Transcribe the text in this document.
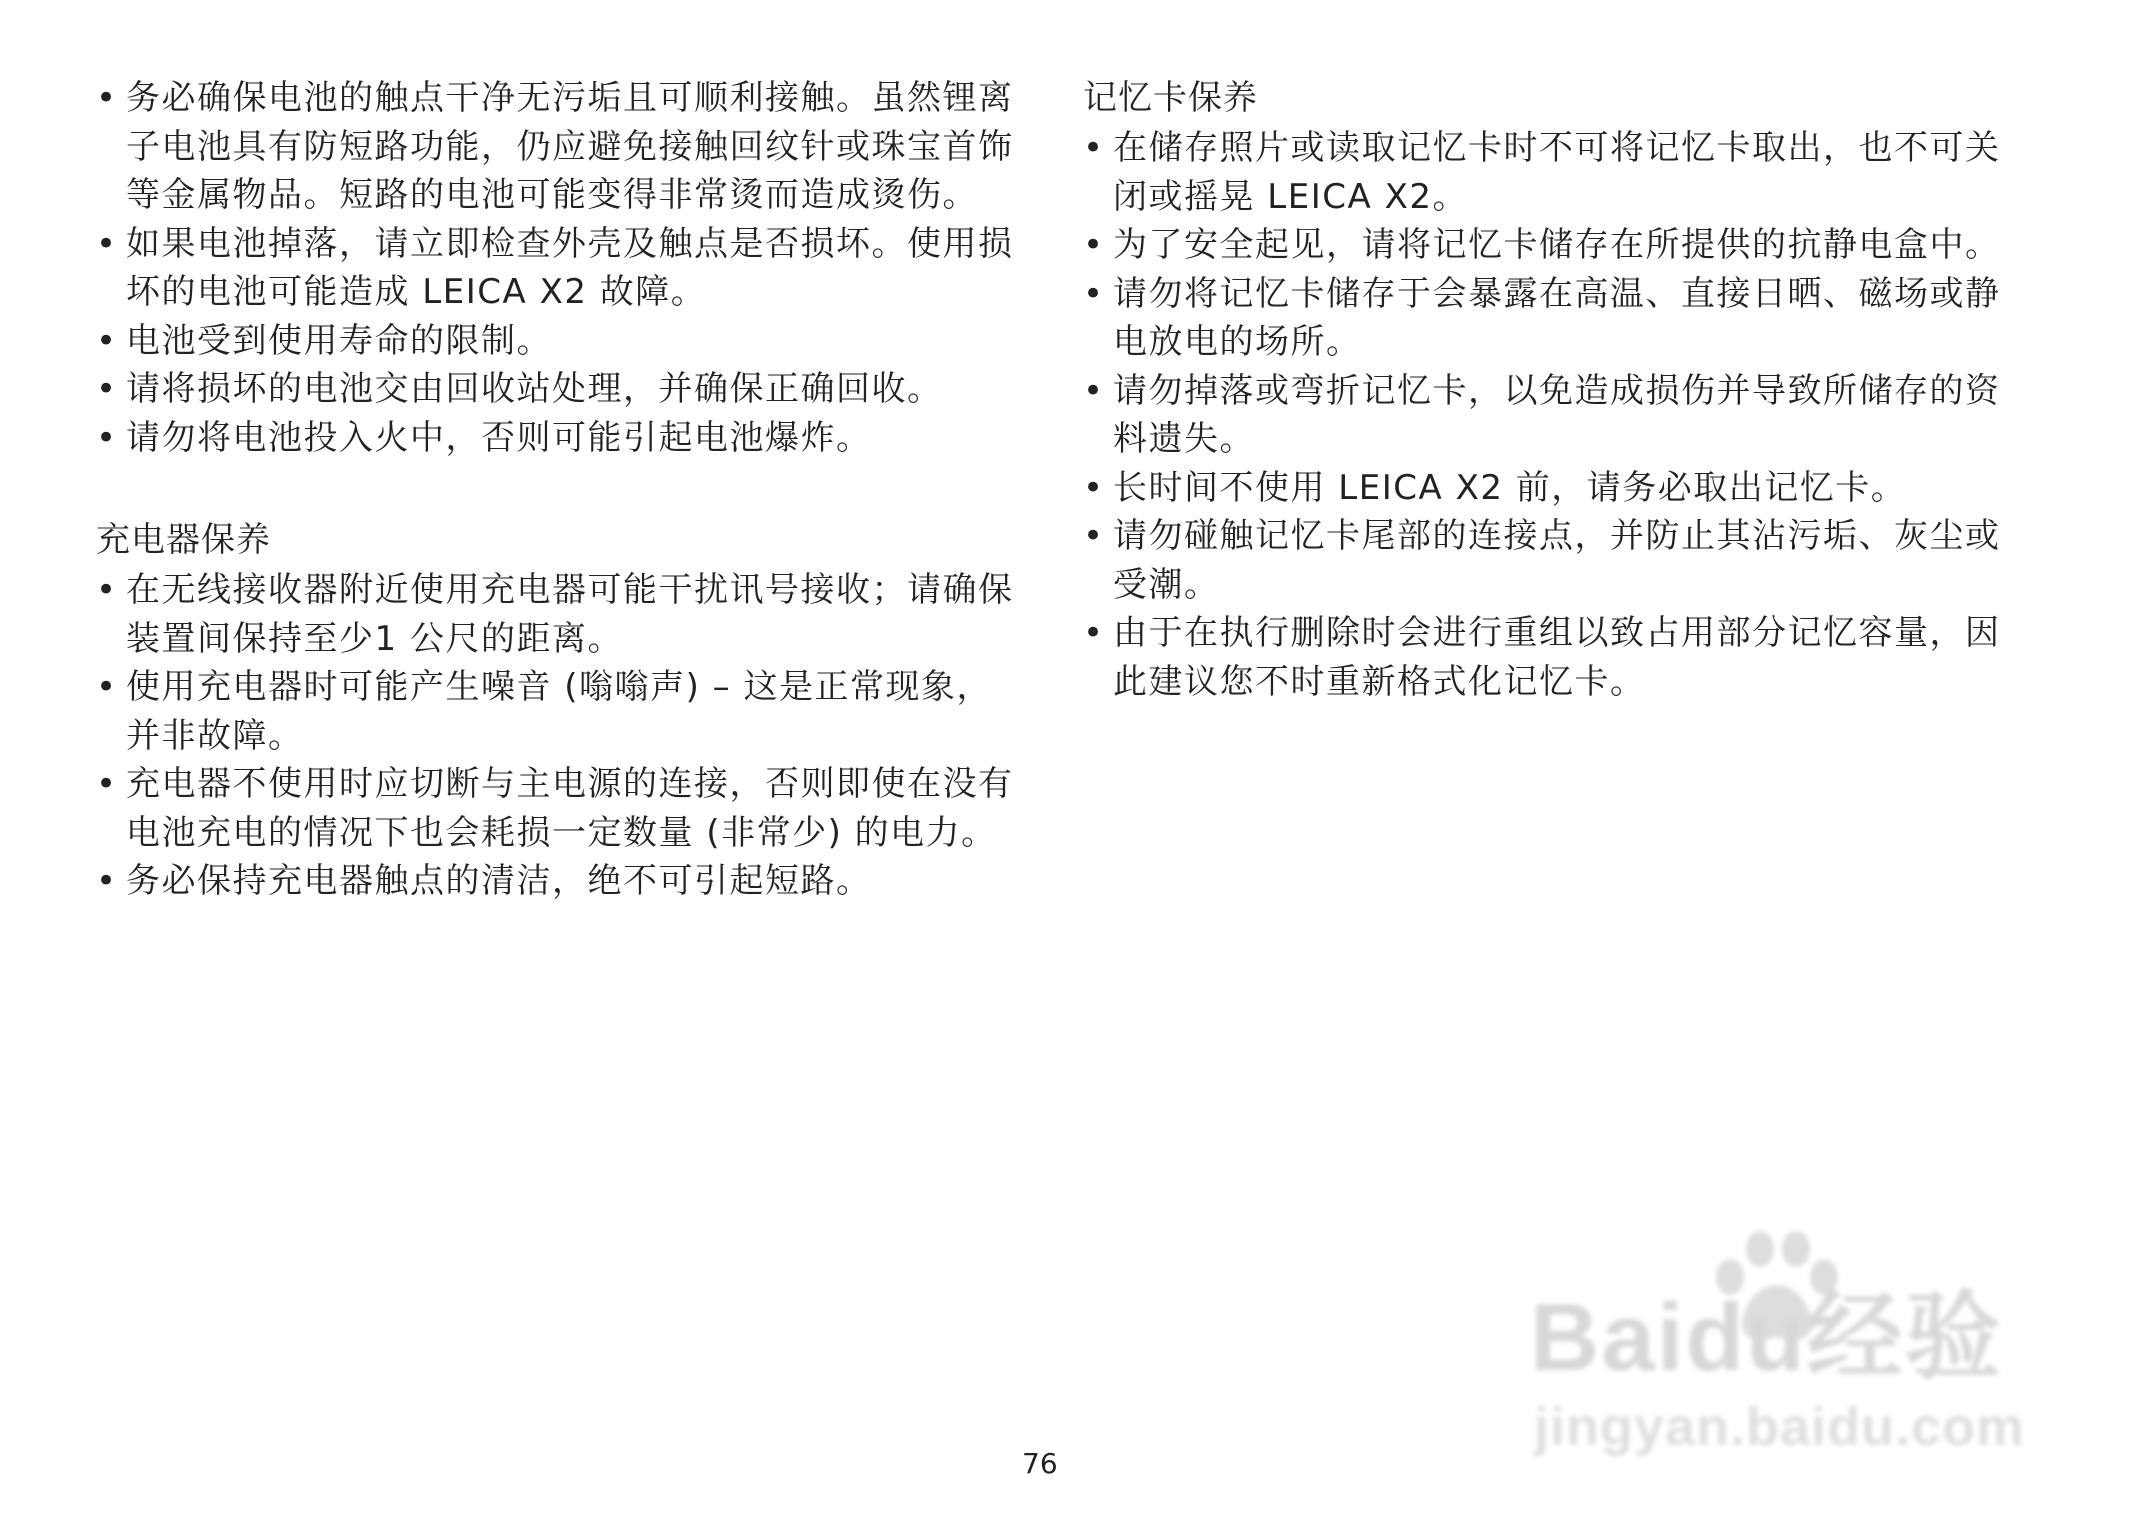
• 务必确保电池的触点干净无污垢且可顺利接触。虽然锂离子电池具有防短路功能，仍应避免接触回纹针或珠宝首饰等金属物品。短路的电池可能变得非常烫而造成烫伤。
• 如果电池掉落，请立即检查外壳及触点是否损坏。使用损坏的电池可能造成 LEICA X2 故障。
• 电池受到使用寿命的限制。
• 请将损坏的电池交由回收站处理，并确保正确回收。
• 请勿将电池投入火中，否则可能引起电池爆炸。
充电器保养
• 在无线接收器附近使用充电器可能干扰讯号接收；请确保装置间保持至少1 公尺的距离。
• 使用充电器时可能产生噪音 (嗡嗡声) – 这是正常现象，并非故障。
• 充电器不使用时应切断与主电源的连接，否则即使在没有电池充电的情况下也会耗损一定数量 (非常少) 的电力。
• 务必保持充电器触点的清洁，绝不可引起短路。
记忆卡保养
• 在储存照片或读取记忆卡时不可将记忆卡取出，也不可关闭或摇晃 LEICA X2。
• 为了安全起见，请将记忆卡储存在所提供的抗静电盒中。
• 请勿将记忆卡储存于会暴露在高温、直接日晒、磁场或静电放电的场所。
• 请勿掉落或弯折记忆卡，以免造成损伤并导致所储存的资料遗失。
• 长时间不使用 LEICA X2 前，请务必取出记忆卡。
• 请勿碰触记忆卡尾部的连接点，并防止其沾污垢、灰尘或受潮。
• 由于在执行删除时会进行重组以致占用部分记忆容量，因此建议您不时重新格式化记忆卡。
76
Baidu经验
jingyan.baidu.com
